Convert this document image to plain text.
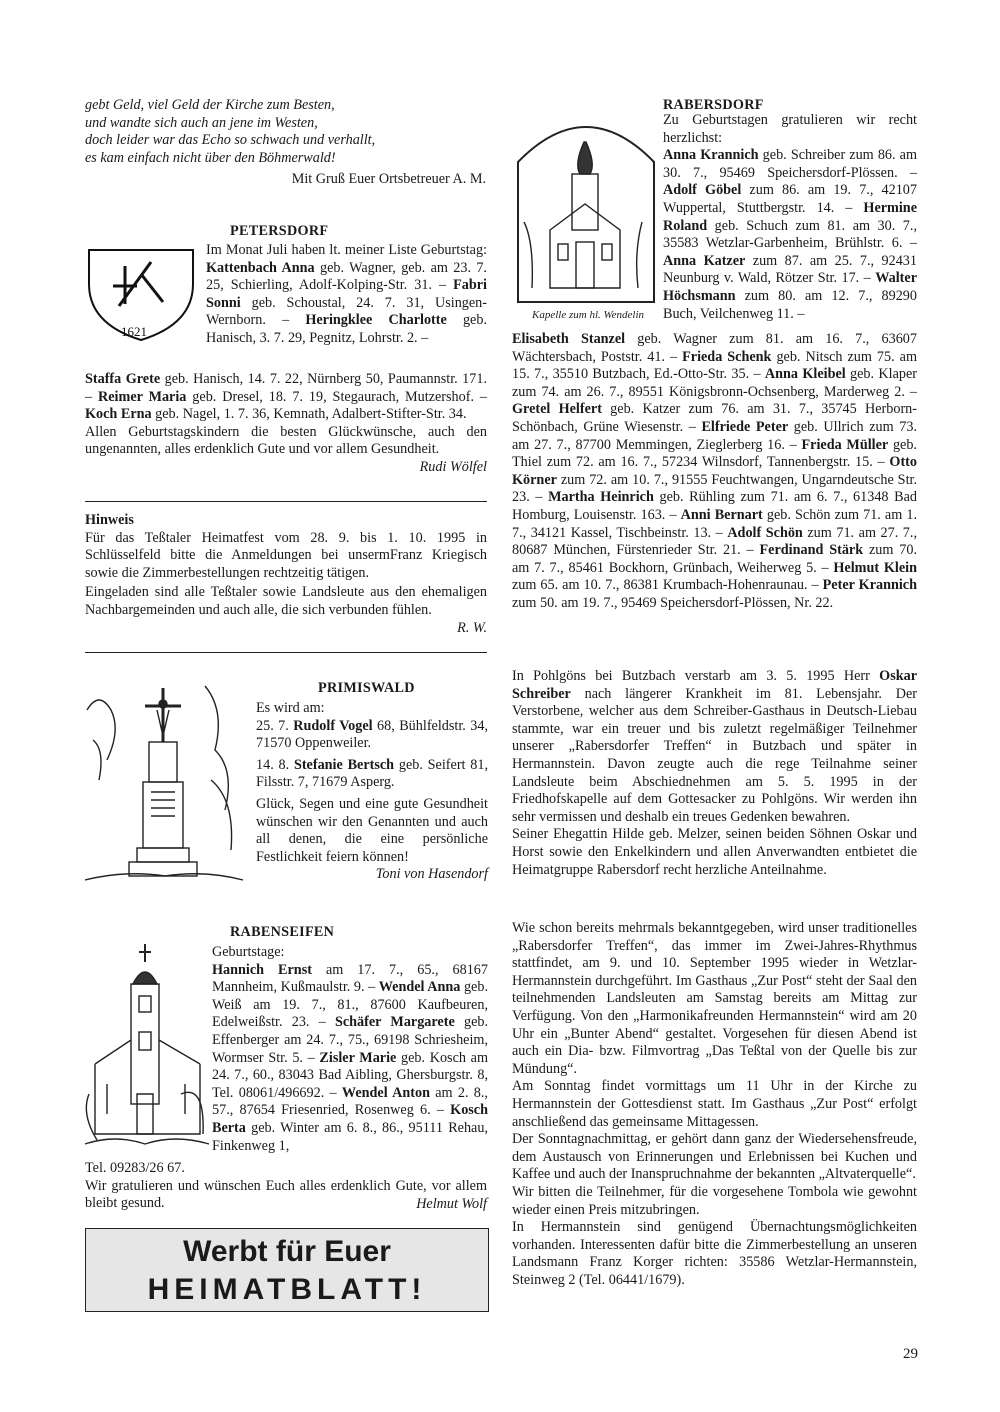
gebt Geld, viel Geld der Kirche zum Besten,

und wandte sich auch an jene im Westen,

doch leider war das Echo so schwach und verhallt,

es kam einfach nicht über den Böhmerwald!

Mit Gruß Euer Ortsbetreuer A. M.
PETERSDORF
1621
Im Monat Juli haben lt. meiner Liste Geburtstag: Kattenbach Anna geb. Wagner, geb. am 23. 7. 25, Schierling, Adolf-Kolping-Str. 31. – Fabri Sonni geb. Schoustal, 24. 7. 31, Usingen-Wernborn. – Heringklee Charlotte geb. Hanisch, 3. 7. 29, Pegnitz, Lohrstr. 2. –
Staffa Grete geb. Hanisch, 14. 7. 22, Nürnberg 50, Paumannstr. 171. – Reimer Maria geb. Dresel, 18. 7. 19, Stegaurach, Mutzershof. – Koch Erna geb. Nagel, 1. 7. 36, Kemnath, Adalbert-Stifter-Str. 34.

Allen Geburtstagskindern die besten Glückwünsche, auch den ungenannten, alles erdenklich Gute und vor allem Gesundheit.

Rudi Wölfel

Hinweis

Für das Teßtaler Heimatfest vom 28. 9. bis 1. 10. 1995 in Schlüsselfeld bitte die Anmeldungen bei unsermFranz Kriegisch sowie die Zimmerbestellungen rechtzeitig tätigen.

Eingeladen sind alle Teßtaler sowie Landsleute aus den ehemaligen Nachbargemeinden und auch alle, die sich verbunden fühlen.

R. W.

PRIMISWALD

Es wird am:

25. 7. Rudolf Vogel 68, Bühlfeldstr. 34, 71570 Oppenweiler.

14. 8. Stefanie Bertsch geb. Seifert 81, Filsstr. 7, 71679 Asperg.

Glück, Segen und eine gute Gesundheit wünschen wir den Genannten und auch all denen, die eine persönliche Festlichkeit feiern können!

Toni von Hasendorf

RABENSEIFEN

Geburtstage:

Hannich Ernst am 17. 7., 65., 68167 Mannheim, Kußmaulstr. 9. – Wendel Anna geb. Weiß am 19. 7., 81., 87600 Kaufbeuren, Edelweißstr. 23. – Schäfer Margarete geb. Effenberger am 24. 7., 75., 69198 Schriesheim, Wormser Str. 5. – Zisler Marie geb. Kosch am 24. 7., 60., 83043 Bad Aibling, Ghersburgstr. 8, Tel. 08061/496692. – Wendel Anton am 2. 8., 57., 87654 Friesenried, Rosenweg 6. – Kosch Berta geb. Winter am 6. 8., 86., 95111 Rehau, Finkenweg 1,

Tel. 09283/26 67.

Wir gratulieren und wünschen Euch alles erdenklich Gute, vor allem bleibt gesund.	Helmut Wolf
Werbt für Euer
HEIMATBLATT!
RABERSDORF
Kapelle zum hl. Wendelin

Zu Geburtstagen gratulieren wir recht herzlichst:

Anna Krannich geb. Schreiber zum 86. am 30. 7., 95469 Speichersdorf-Plössen. – Adolf Göbel zum 86. am 19. 7., 42107 Wuppertal, Stuttbergstr. 14. – Hermine Roland geb. Schuch zum 81. am 30. 7., 35583 Wetzlar-Garbenheim, Brühlstr. 6. – Anna Katzer zum 87. am 25. 7., 92431 Neunburg v. Wald, Rötzer Str. 17. – Walter Höchsmann zum 80. am 12. 7., 89290 Buch, Veilchenweg 11. –
Elisabeth Stanzel geb. Wagner zum 81. am 16. 7., 63607 Wächtersbach, Poststr. 41. – Frieda Schenk geb. Nitsch zum 75. am 15. 7., 35510 Butzbach, Ed.-Otto-Str. 35. – Anna Kleibel geb. Klaper zum 74. am 26. 7., 89551 Königsbronn-Ochsenberg, Marderweg 2. – Gretel Helfert geb. Katzer zum 76. am 31. 7., 35745 Herborn-Schönbach, Grüne Wiesenstr. – Elfriede Peter geb. Ullrich zum 73. am 27. 7., 87700 Memmingen, Zieglerberg 16. – Frieda Müller geb. Thiel zum 72. am 16. 7., 57234 Wilnsdorf, Tannenbergstr. 15. – Otto Körner zum 72. am 10. 7., 91555 Feuchtwangen, Ungarndeutsche Str. 23. – Martha Heinrich geb. Rühling zum 71. am 6. 7., 61348 Bad Homburg, Louisenstr. 163. – Anni Bernart geb. Schön zum 71. am 1. 7., 34121 Kassel, Tischbeinstr. 13. – Adolf Schön zum 71. am 27. 7., 80687 München, Fürstenrieder Str. 21. – Ferdinand Stärk zum 70. am 7. 7., 85461 Bockhorn, Grünbach, Weiherweg 5. – Helmut Klein zum 65. am 10. 7., 86381 Krumbach-Hohenraunau. – Peter Krannich zum 50. am 19. 7., 95469 Speichersdorf-Plössen, Nr. 22.

In Pohlgöns bei Butzbach verstarb am 3. 5. 1995 Herr Oskar Schreiber nach längerer Krankheit im 81. Lebensjahr. Der Verstorbene, welcher aus dem Schreiber-Gasthaus in Deutsch-Liebau stammte, war ein treuer und bis zuletzt regelmäßiger Teilnehmer unserer „Rabersdorfer Treffen“ in Butzbach und später in Hermannstein. Davon zeugte auch die rege Teilnahme seiner Landsleute beim Abschiednehmen am 5. 5. 1995 in der Friedhofskapelle auf dem Gottesacker zu Pohlgöns. Wir werden ihn sehr vermissen und deshalb ein treues Gedenken bewahren.

Seiner Ehegattin Hilde geb. Melzer, seinen beiden Söhnen Oskar und Horst sowie den Enkelkindern und allen Anverwandten entbietet die Heimatgruppe Rabersdorf recht herzliche Anteilnahme.

Wie schon bereits mehrmals bekanntgegeben, wird unser traditionelles „Rabersdorfer Treffen“, das immer im Zwei-Jahres-Rhythmus stattfindet, am 9. und 10. September 1995 wieder in Wetzlar-Hermannstein durchgeführt. Im Gasthaus „Zur Post“ steht der Saal den teilnehmenden Landsleuten am Samstag bereits am Mittag zur Verfügung. Von den „Harmonikafreunden Hermannstein“ wird am 20 Uhr ein „Bunter Abend“ gestaltet. Vorgesehen für diesen Abend ist auch ein Dia- bzw. Filmvortrag „Das Teßtal von der Quelle bis zur Mündung“.

Am Sonntag findet vormittags um 11 Uhr in der Kirche zu Hermannstein der Gottesdienst statt. Im Gasthaus „Zur Post“ erfolgt anschließend das gemeinsame Mittagessen.

Der Sonntagnachmittag, er gehört dann ganz der Wiedersehensfreude, dem Austausch von Erinnerungen und Erlebnissen bei Kuchen und Kaffee und auch der Inanspruchnahme der bekannten „Altvaterquelle“.

Wir bitten die Teilnehmer, für die vorgesehene Tombola wie gewohnt wieder einen Preis mitzubringen.

In Hermannstein sind genügend Übernachtungsmöglichkeiten vorhanden. Interessenten dafür bitte die Zimmerbestellung an unseren Landsmann Franz Korger richten: 35586 Wetzlar-Hermannstein, Steinweg 2 (Tel. 06441/1679).

29
